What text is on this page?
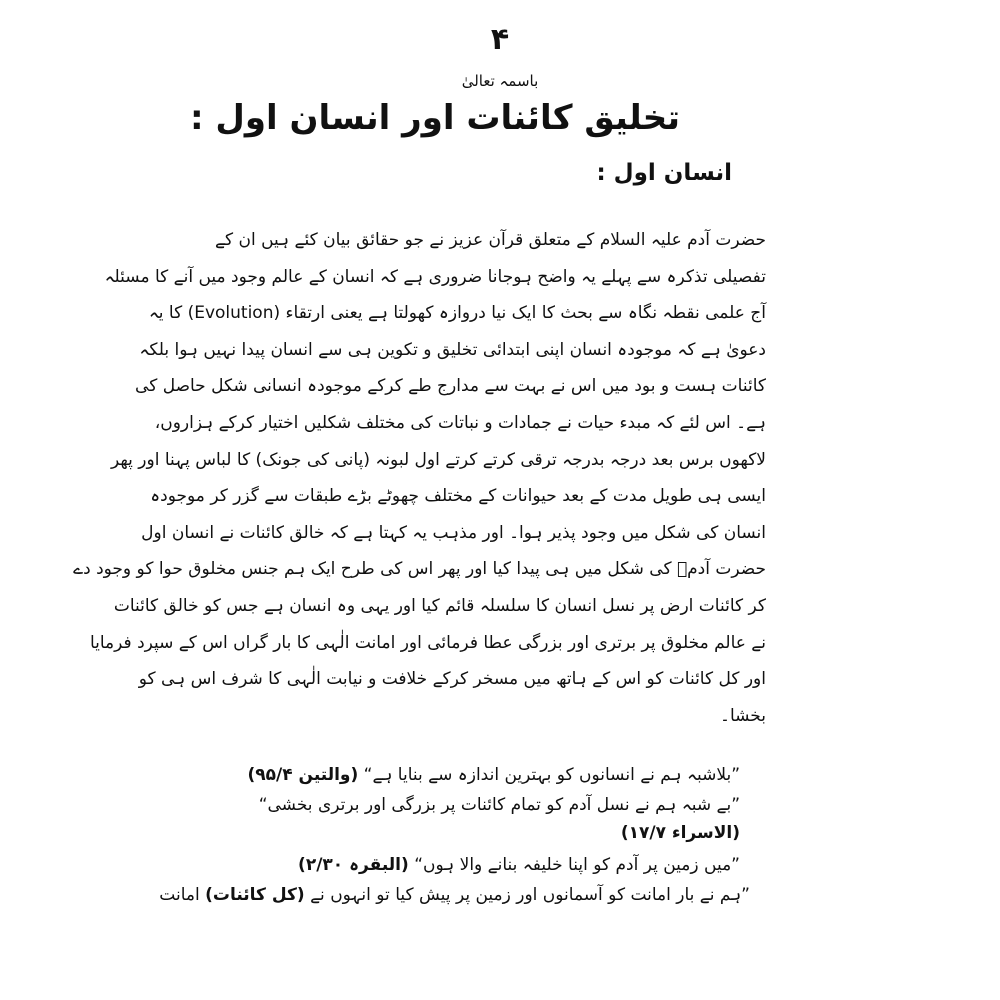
۴
باسمہ تعالیٰ
تخلیق کائنات اور انسان اول :
انسان اول :
حضرت آدم علیہ السلام کے متعلق قرآن عزیز نے جو حقائق بیان کئے ہیں ان کے
تفصیلی تذکرہ سے پہلے یہ واضح ہوجانا ضروری ہے کہ انسان کے عالم وجود میں آنے کا مسئلہ
آج علمی نقطہ نگاہ سے بحث کا ایک نیا دروازہ کھولتا ہے یعنی ارتقاء (Evolution) کا یہ
دعویٰ ہے کہ موجودہ انسان اپنی ابتدائی تخلیق و تکوین ہی سے انسان پیدا نہیں ہوا بلکہ
کائنات ہست و بود میں اس نے بہت سے مدارج طے کرکے موجودہ انسانی شکل حاصل کی
ہے۔ اس لئے کہ مبدء حیات نے جمادات و نباتات کی مختلف شکلیں اختیار کرکے ہزاروں،
لاکھوں برس بعد درجہ بدرجہ ترقی کرتے کرتے اول لبونہ (پانی کی جونک) کا لباس پہنا اور پھر
ایسی ہی طویل مدت کے بعد حیوانات کے مختلف چھوٹے بڑے طبقات سے گزر کر موجودہ
انسان کی شکل میں وجود پذیر ہوا۔ اور مذہب یہ کہتا ہے کہ خالق کائنات نے انسان اول
حضرت آدمؑ کی شکل میں ہی پیدا کیا اور پھر اس کی طرح ایک ہم جنس مخلوق حوا کو وجود دے
کر کائنات ارض پر نسل انسان کا سلسلہ قائم کیا اور یہی وہ انسان ہے جس کو خالق کائنات
نے عالم مخلوق پر برتری اور بزرگی عطا فرمائی اور امانت الٰہی کا بار گراں اس کے سپرد فرمایا
اور کل کائنات کو اس کے ہاتھ میں مسخر کرکے خلافت و نیابت الٰہی کا شرف اس ہی کو
بخشا۔
”بلاشبہ ہم نے انسانوں کو بہترین اندازہ سے بنایا ہے“ (والتین ۹۵/۴)
”بے شبہ ہم نے نسل آدم کو تمام کائنات پر بزرگی اور برتری بخشی“
(الاسراء ۱۷/۷)
”میں زمین پر آدم کو اپنا خلیفہ بنانے والا ہوں“ (البقرہ ۲/۳۰)
”ہم نے بار امانت کو آسمانوں اور زمین پر پیش کیا تو انہوں نے (کل کائنات) امانت
